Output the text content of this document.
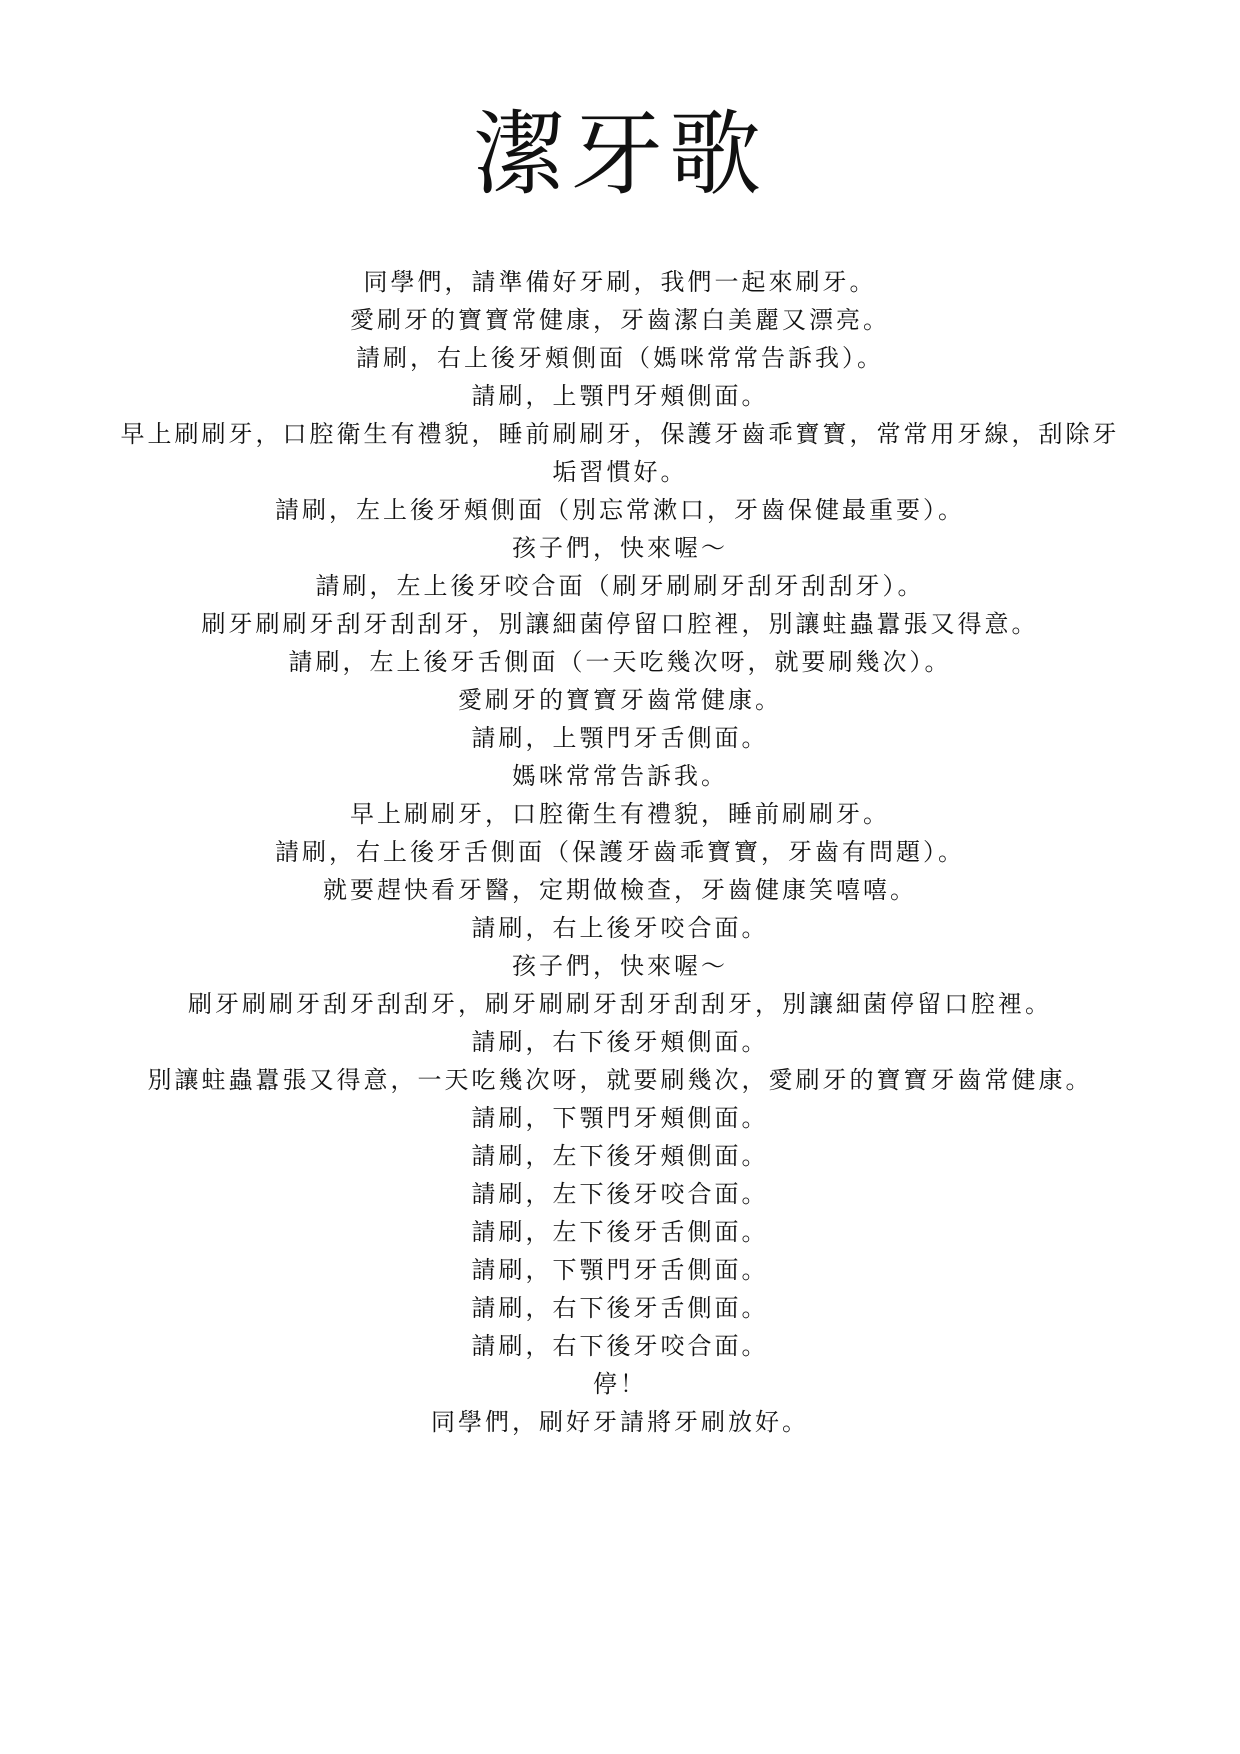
潔牙歌
同學們，請準備好牙刷，我們一起來刷牙。
愛刷牙的寶寶常健康，牙齒潔白美麗又漂亮。
請刷，右上後牙頰側面（媽咪常常告訴我）。
請刷，上顎門牙頰側面。
早上刷刷牙，口腔衛生有禮貌，睡前刷刷牙，保護牙齒乖寶寶，常常用牙線，刮除牙
垢習慣好。
請刷，左上後牙頰側面（別忘常漱口，牙齒保健最重要）。
孩子們，快來喔～
請刷，左上後牙咬合面（刷牙刷刷牙刮牙刮刮牙）。
刷牙刷刷牙刮牙刮刮牙，別讓細菌停留口腔裡，別讓蛀蟲囂張又得意。
請刷，左上後牙舌側面（一天吃幾次呀，就要刷幾次）。
愛刷牙的寶寶牙齒常健康。
請刷，上顎門牙舌側面。
媽咪常常告訴我。
早上刷刷牙，口腔衛生有禮貌，睡前刷刷牙。
請刷，右上後牙舌側面（保護牙齒乖寶寶，牙齒有問題）。
就要趕快看牙醫，定期做檢查，牙齒健康笑嘻嘻。
請刷，右上後牙咬合面。
孩子們，快來喔～
刷牙刷刷牙刮牙刮刮牙，刷牙刷刷牙刮牙刮刮牙，別讓細菌停留口腔裡。
請刷，右下後牙頰側面。
別讓蛀蟲囂張又得意，一天吃幾次呀，就要刷幾次，愛刷牙的寶寶牙齒常健康。
請刷，下顎門牙頰側面。
請刷，左下後牙頰側面。
請刷，左下後牙咬合面。
請刷，左下後牙舌側面。
請刷，下顎門牙舌側面。
請刷，右下後牙舌側面。
請刷，右下後牙咬合面。
停！
同學們，刷好牙請將牙刷放好。
